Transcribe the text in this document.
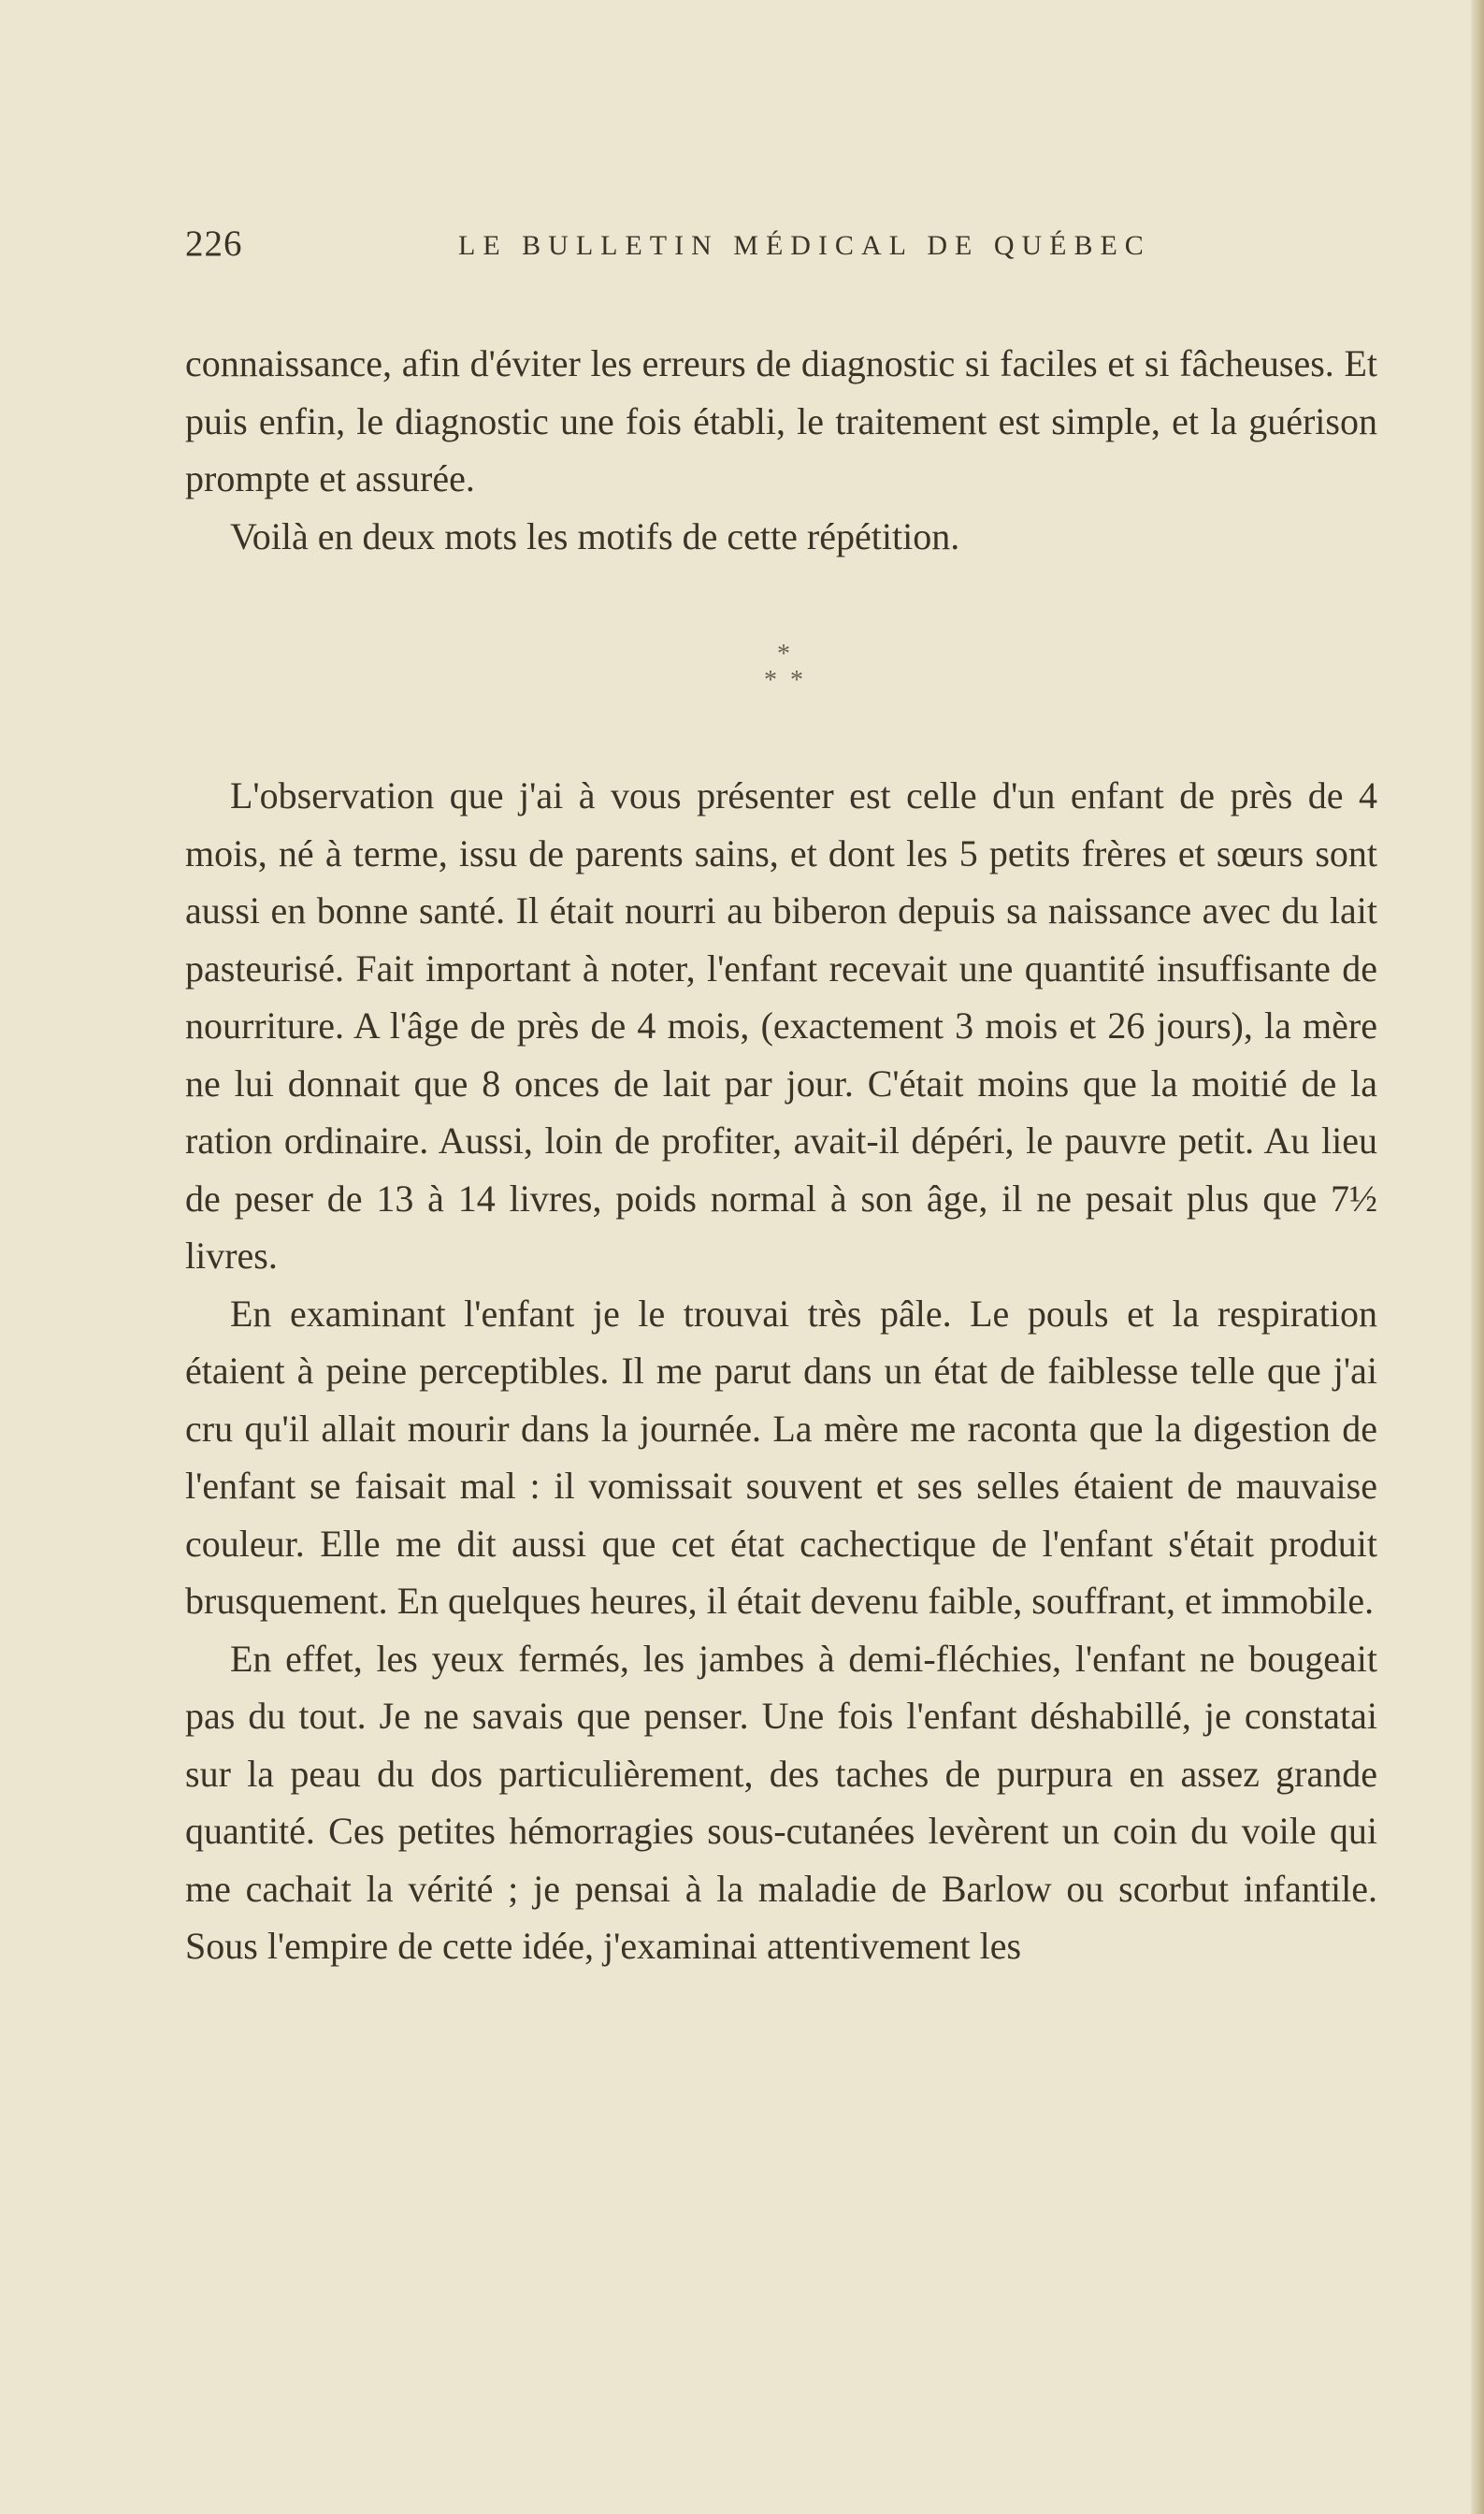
226	LE BULLETIN MÉDICAL DE QUÉBEC

connaissance, afin d'éviter les erreurs de diagnostic si faciles et si fâcheuses. Et puis enfin, le diagnostic une fois établi, le traitement est simple, et la guérison prompte et assurée.

Voilà en deux mots les motifs de cette répétition.

*
**

L'observation que j'ai à vous présenter est celle d'un enfant de près de 4 mois, né à terme, issu de parents sains, et dont les 5 petits frères et sœurs sont aussi en bonne santé. Il était nourri au biberon depuis sa naissance avec du lait pasteurisé. Fait important à noter, l'enfant recevait une quantité insuffisante de nourriture. A l'âge de près de 4 mois, (exactement 3 mois et 26 jours), la mère ne lui donnait que 8 onces de lait par jour. C'était moins que la moitié de la ration ordinaire. Aussi, loin de profiter, avait-il dépéri, le pauvre petit. Au lieu de peser de 13 à 14 livres, poids normal à son âge, il ne pesait plus que 7½ livres.

En examinant l'enfant je le trouvai très pâle. Le pouls et la respiration étaient à peine perceptibles. Il me parut dans un état de faiblesse telle que j'ai cru qu'il allait mourir dans la journée. La mère me raconta que la digestion de l'enfant se faisait mal : il vomissait souvent et ses selles étaient de mauvaise couleur. Elle me dit aussi que cet état cachectique de l'enfant s'était produit brusquement. En quelques heures, il était devenu faible, souffrant, et immobile.

En effet, les yeux fermés, les jambes à demi-fléchies, l'enfant ne bougeait pas du tout. Je ne savais que penser. Une fois l'enfant déshabillé, je constatai sur la peau du dos particulièrement, des taches de purpura en assez grande quantité. Ces petites hémorragies sous-cutanées levèrent un coin du voile qui me cachait la vérité ; je pensai à la maladie de Barlow ou scorbut infantile. Sous l'empire de cette idée, j'examinai attentivement les
